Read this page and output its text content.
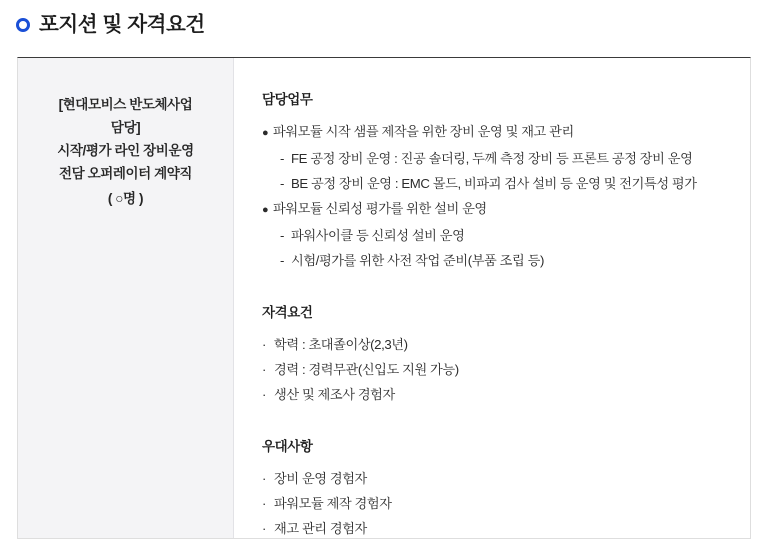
포지션 및 자격요건
[현대모비스 반도체사업
담당]
시작/평가 라인 장비운영
전담 오퍼레이터 계약직
( ○명 )
담당업무
● 파워모듈 시작 샘플 제작을 위한 장비 운영 및 재고 관리
- FE 공정 장비 운영 : 진공 솔더링, 두께 측정 장비 등 프론트 공정 장비 운영
- BE 공정 장비 운영 : EMC 몰드, 비파괴 검사 설비 등 운영 및 전기특성 평가
● 파워모듈 신뢰성 평가를 위한 설비 운영
- 파워사이클 등 신뢰성 설비 운영
- 시험/평가를 위한 사전 작업 준비(부품 조립 등)
자격요건
· 학력 : 초대졸이상(2,3년)
· 경력 : 경력무관(신입도 지원 가능)
· 생산 및 제조사 경험자
우대사항
· 장비 운영 경험자
· 파워모듈 제작 경험자
· 재고 관리 경험자
